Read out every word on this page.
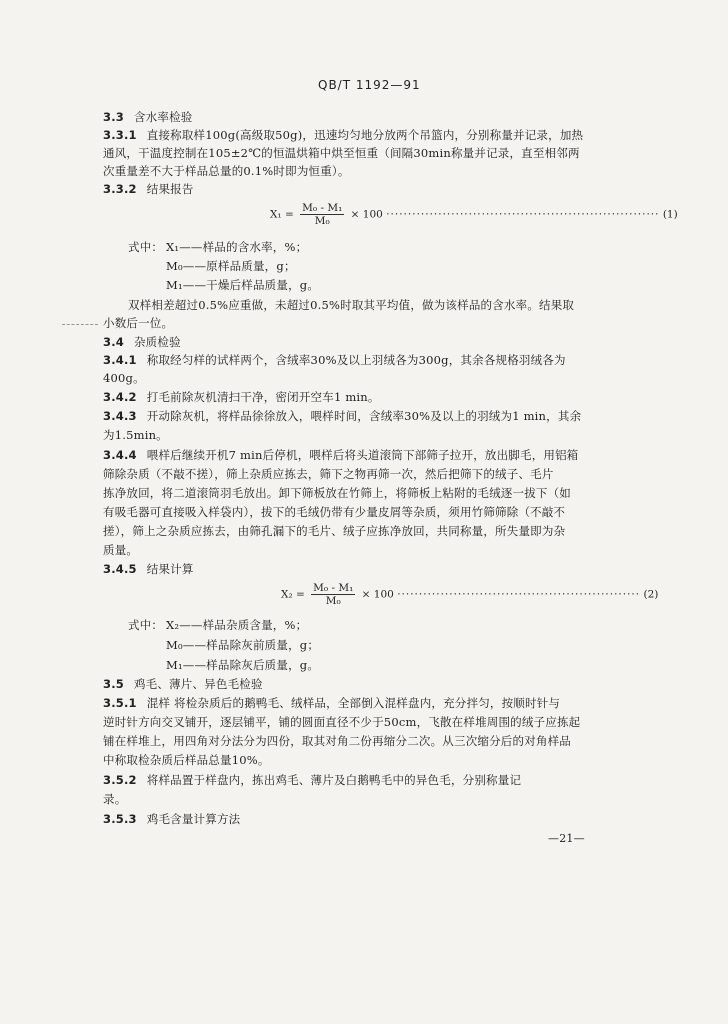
QB/T 1192—91
3.3 含水率检验
3.3.1 直接称取样100g(高级取50g)，迅速均匀地分放两个吊篮内，分别称量并记录，加热
通风，干温度控制在105±2℃的恒温烘箱中烘至恒重（间隔30min称量并记录，直至相邻两
次重量差不大于样品总量的0.1%时即为恒重）。
3.3.2 结果报告
$X_1 = \frac{\text{M₀ - M₁}}{\text{M₀}} \times 100$ ······························································· (1)
式中： X₁——样品的含水率，%；
M₀——原样品质量，g；
M₁——干燥后样品质量，g。
双样相差超过0.5%应重做，未超过0.5%时取其平均值，做为该样品的含水率。结果取
小数后一位。
3.4 杂质检验
3.4.1 称取经匀样的试样两个，含绒率30%及以上羽绒各为300g，其余各规格羽绒各为
400g。
3.4.2 打毛前除灰机清扫干净，密闭开空车1 min。
3.4.3 开动除灰机，将样品徐徐放入，喂样时间，含绒率30%及以上的羽绒为1 min，其余
为1.5min。
3.4.4 喂样后继续开机7 min后停机，喂样后将头道滚筒下部筛子拉开，放出脚毛，用铝箱
筛除杂质（不敲不搓），筛上杂质应拣去，筛下之物再筛一次，然后把筛下的绒子、毛片
拣净放回，将二道滚筒羽毛放出。卸下筛板放在竹筛上，将筛板上粘附的毛绒逐一拔下（如
有吸毛器可直接吸入样袋内），拔下的毛绒仍带有少量皮屑等杂质，须用竹筛筛除（不敲不
搓），筛上之杂质应拣去，由筛孔漏下的毛片、绒子应拣净放回，共同称量，所失量即为杂
质量。
3.4.5 结果计算
$X_2 = \frac{\text{M₀ - M₁}}{\text{M₀}} \times 100$ ························································ (2)
式中： X₂——样品杂质含量，%；
M₀——样品除灰前质量，g；
M₁——样品除灰后质量，g。
3.5 鸡毛、薄片、异色毛检验
3.5.1 混样 将检杂质后的鹅鸭毛、绒样品，全部倒入混样盘内，充分拌匀，按顺时针与
逆时针方向交叉铺开，逐层铺平，铺的圆面直径不少于50cm，飞散在样堆周围的绒子应拣起
铺在样堆上，用四角对分法分为四份，取其对角二份再缩分二次。从三次缩分后的对角样品
中称取检杂质后样品总量10%。
3.5.2 将样品置于样盘内，拣出鸡毛、薄片及白鹅鸭毛中的异色毛，分别称量记
录。
3.5.3 鸡毛含量计算方法
—21—
